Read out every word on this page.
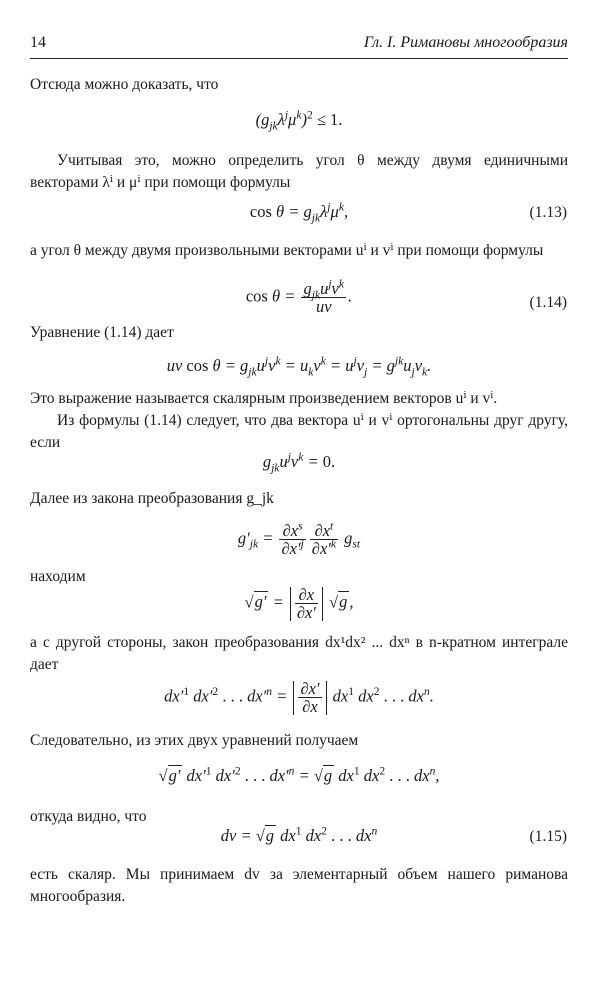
14	Гл. I. Римановы многообразия
Отсюда можно доказать, что
$(g_{jk}\lambda^j\mu^k)^2 \le 1$.
Учитывая это, можно определить угол θ между двумя единичными векторами λⁱ и μⁱ при помощи формулы
$\cos \theta = g_{jk}\lambda^j\mu^k$,	(1.13)
а угол θ между двумя произвольными векторами uⁱ и vⁱ при помощи формулы
$\cos \theta = \frac{g_{jk}u^jv^k}{uv}$ .	(1.14)
Уравнение (1.14) дает
uv $\cos \theta = g_{jk}u^jv^k = u_kv^k = u^jv_j = g^{jk}u_jv_k$.
Это выражение называется скалярным произведением векторов uⁱ и vⁱ.
Из формулы (1.14) следует, что два вектора uⁱ и vⁱ ортогональны друг другу, если
$g_{jk}u^jv^k = 0$.
Далее из закона преобразования g_jk
$g'_{jk} = \frac{\partial x^s}{\partial x'^j} \frac{\partial x^t}{\partial x'^k} g_{st}$
находим
$√g' = \frac{\partial x}{\partial x'} √g$ ,
а с другой стороны, закон преобразования dx¹dx² ... dxⁿ в n-кратном интеграле дает
$dx'^1$ $dx'^2$ . . . $dx'^n = \frac{\partial x'}{\partial x} dx^1$ $dx^2$ . . . $dx^n$.
Следовательно, из этих двух уравнений получаем
√g′ $dx'^1$ $dx'^2$ . . . $dx'^n = √g$ $dx^1$ $dx^2$ . . . $dx^n$,
откуда видно, что
dv = √g $dx^1$ $dx^2$ . . . $dx^n$	(1.15)
есть скаляр. Мы принимаем dv за элементарный объем нашего риманова многообразия.
